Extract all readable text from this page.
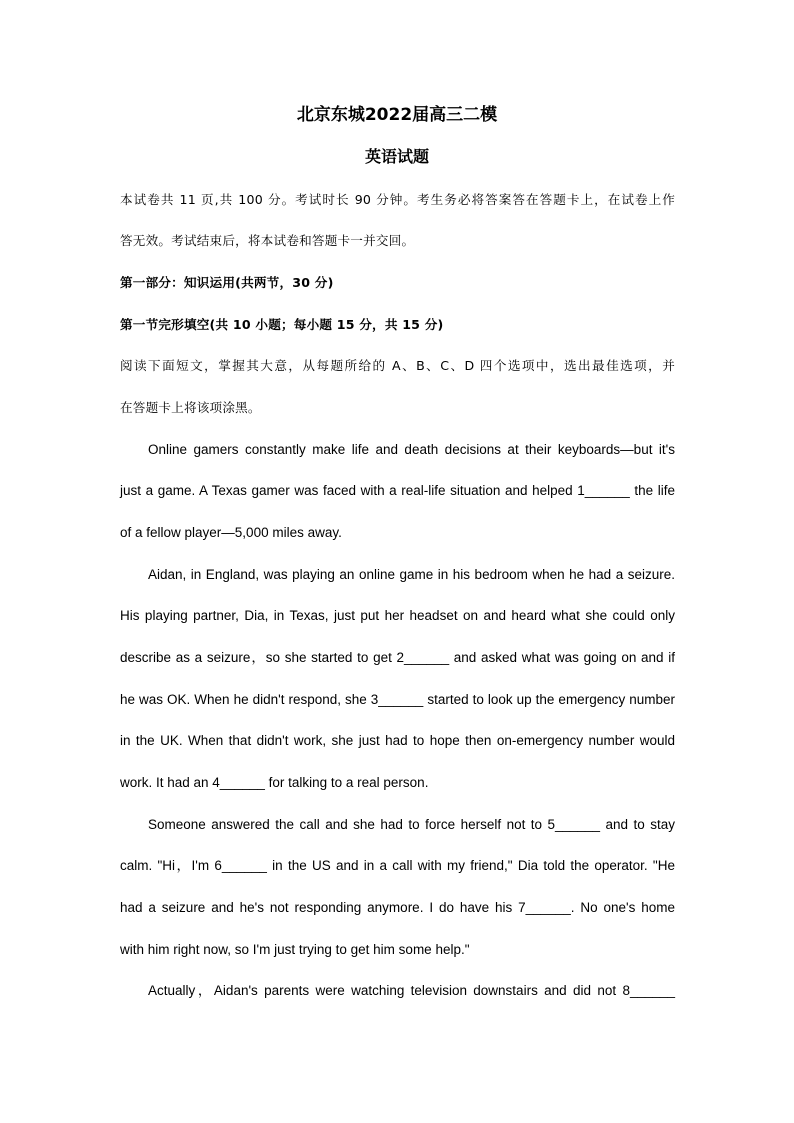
北京东城2022届高三二模
英语试题

本试卷共 11 页,共 100 分。考试时长 90 分钟。考生务必将答案答在答题卡上，在试卷上作

答无效。考试结束后，将本试卷和答题卡一并交回。

第一部分：知识运用(共两节，30 分)

第一节完形填空(共 10 小题；每小题 15 分，共 15 分)

阅读下面短文，掌握其大意，从每题所给的 A、B、C、D 四个选项中，选出最佳选项，并

在答题卡上将该项涂黑。

Online gamers constantly make life and death decisions at their keyboards—but it's

just a game. A Texas gamer was faced with a real-life situation and helped 1______ the life

of a fellow player—5,000 miles away.

Aidan, in England, was playing an online game in his bedroom when he had a seizure.

His playing partner, Dia, in Texas, just put her headset on and heard what she could only

describe as a seizure，so she started to get 2______ and asked what was going on and if

he was OK. When he didn't respond, she 3______ started to look up the emergency number

in the UK. When that didn't work, she just had to hope then on-emergency number would

work. It had an 4______ for talking to a real person.

Someone answered the call and she had to force herself not to 5______ and to stay

calm. "Hi，I'm 6______ in the US and in a call with my friend," Dia told the operator. "He

had a seizure and he's not responding anymore. I do have his 7______. No one's home

with him right now, so I'm just trying to get him some help."

Actually，Aidan's parents were watching television downstairs and did not 8______
